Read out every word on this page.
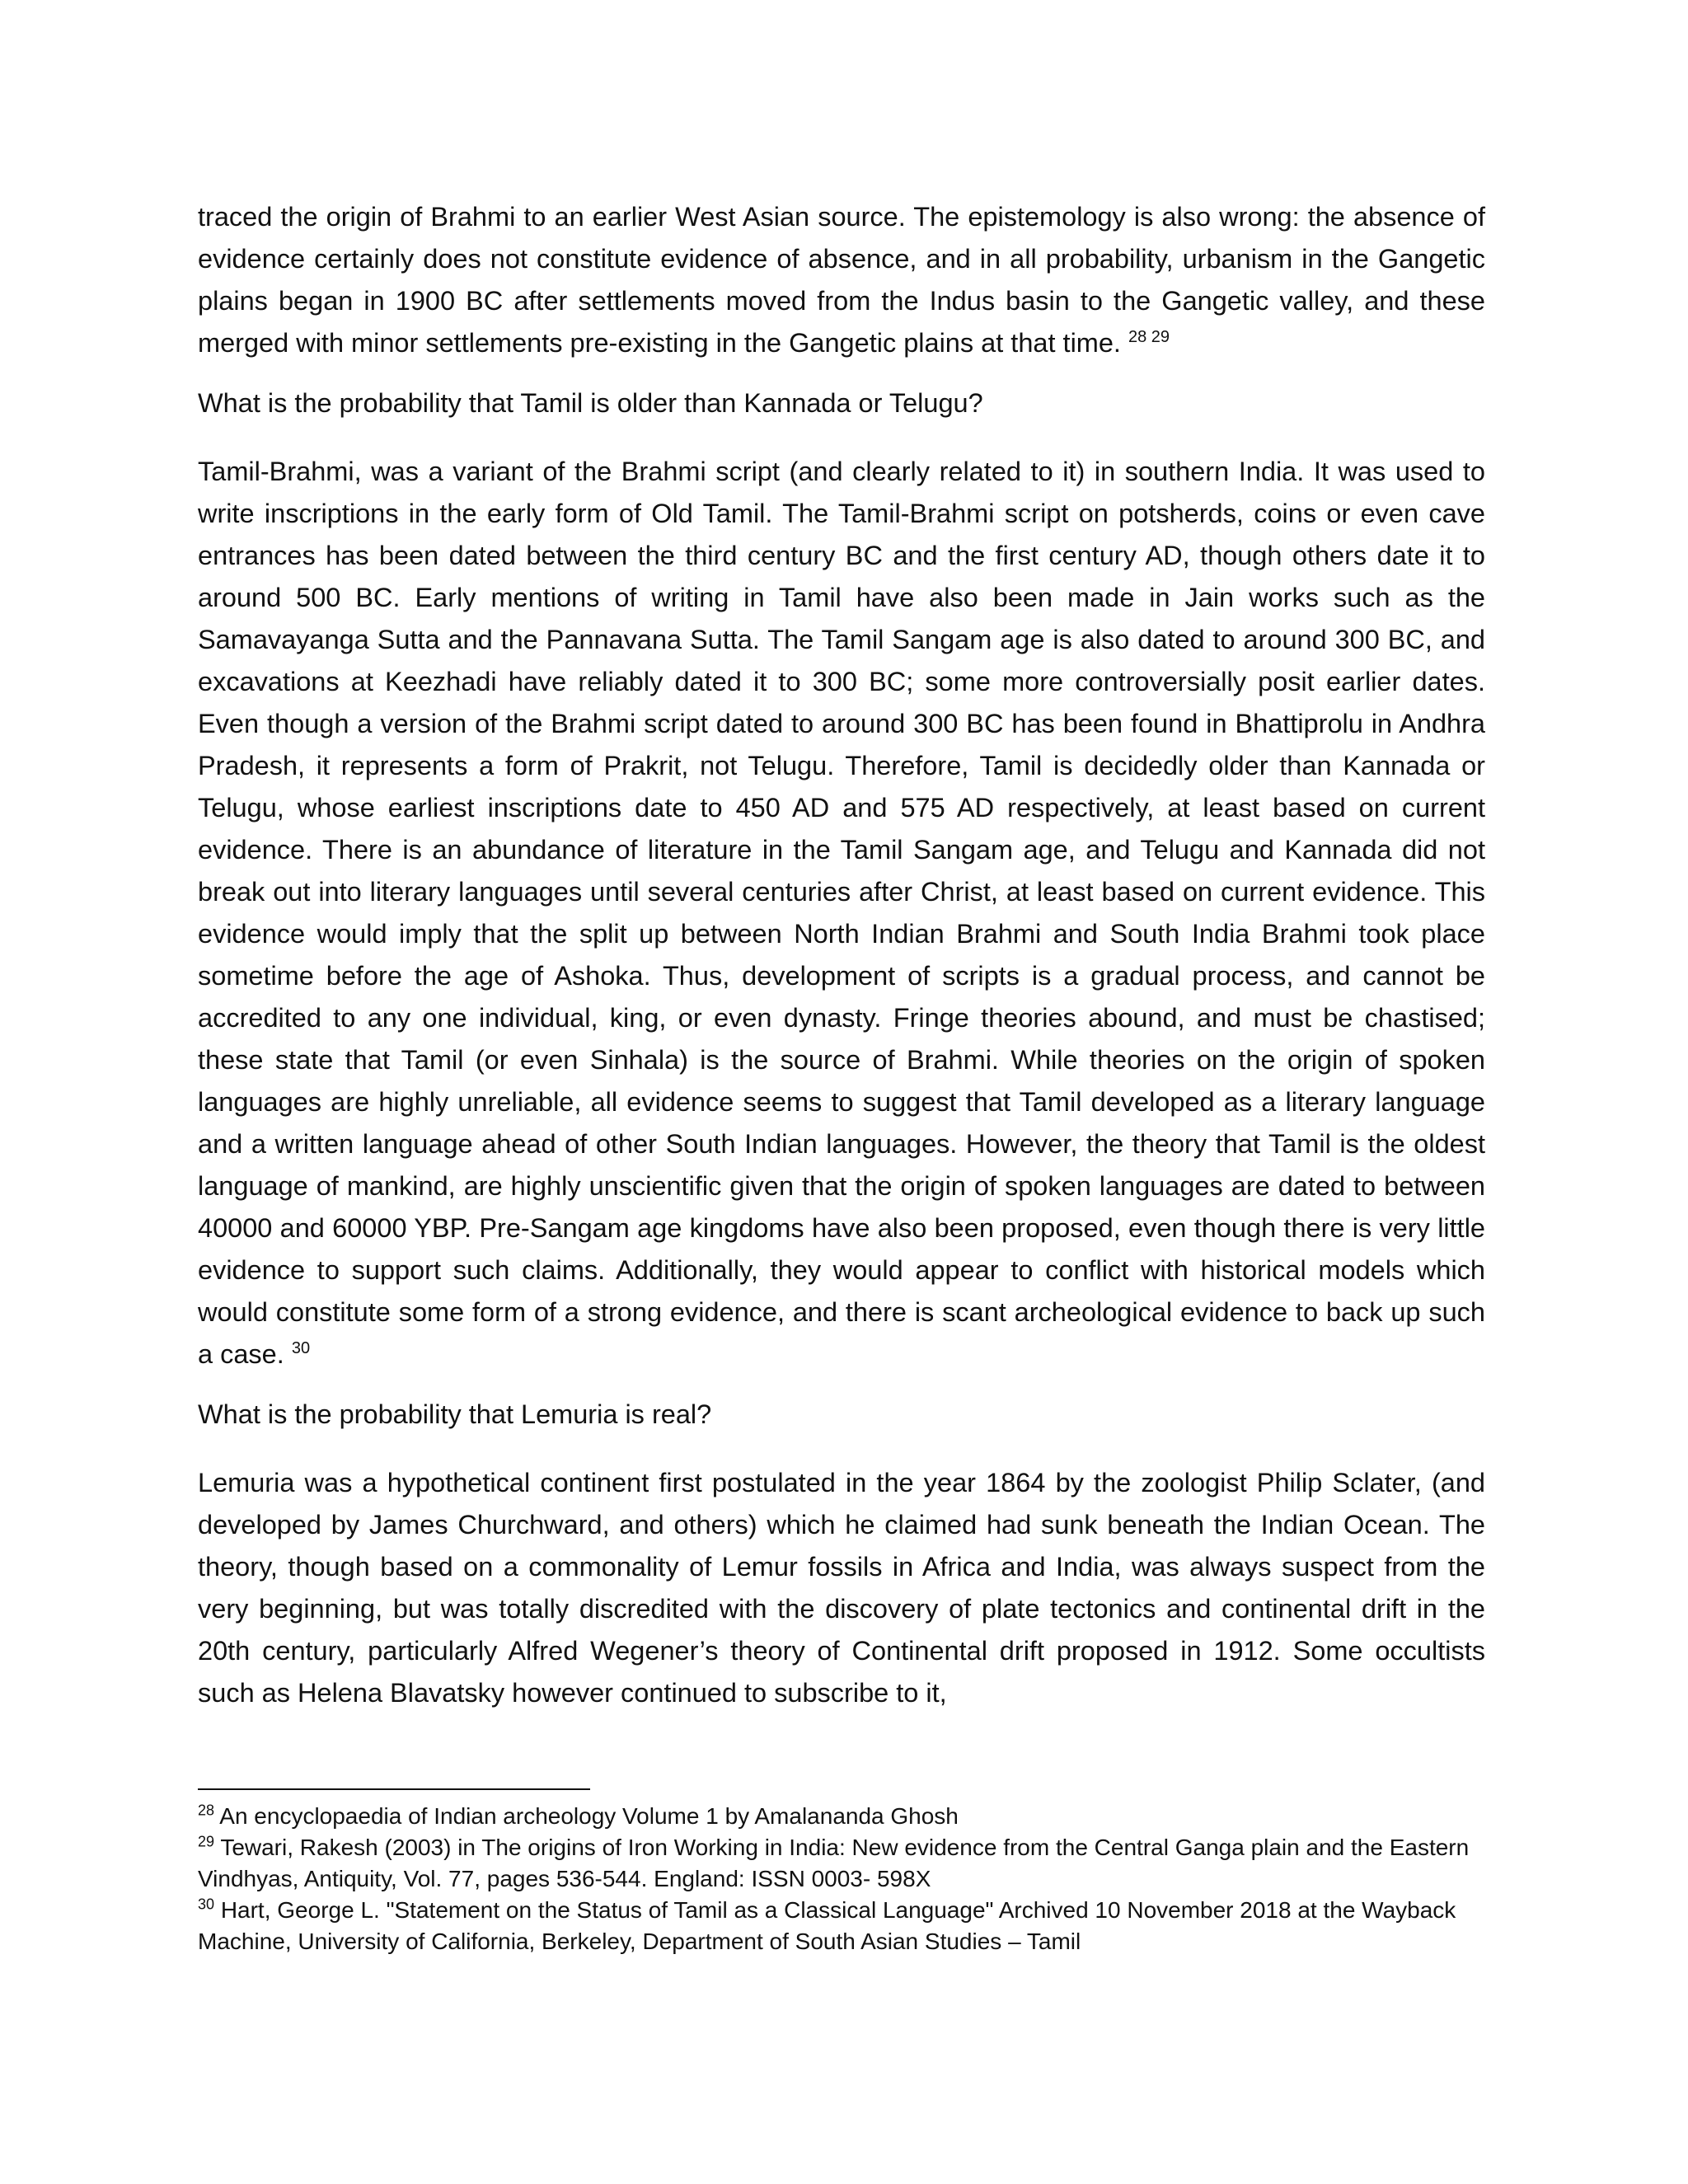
traced the origin of Brahmi to an earlier West Asian source. The epistemology is also wrong: the absence of evidence certainly does not constitute evidence of absence, and in all probability, urbanism in the Gangetic plains began in 1900 BC after settlements moved from the Indus basin to the Gangetic valley, and these merged with minor settlements pre-existing in the Gangetic plains at that time. $^{28 29}$

What is the probability that Tamil is older than Kannada or Telugu?

Tamil-Brahmi, was a variant of the Brahmi script (and clearly related to it) in southern India. It was used to write inscriptions in the early form of Old Tamil. The Tamil-Brahmi script on potsherds, coins or even cave entrances has been dated between the third century BC and the first century AD, though others date it to around 500 BC. Early mentions of writing in Tamil have also been made in Jain works such as the Samavayanga Sutta and the Pannavana Sutta. The Tamil Sangam age is also dated to around 300 BC, and excavations at Keezhadi have reliably dated it to 300 BC; some more controversially posit earlier dates. Even though a version of the Brahmi script dated to around 300 BC has been found in Bhattiprolu in Andhra Pradesh, it represents a form of Prakrit, not Telugu. Therefore, Tamil is decidedly older than Kannada or Telugu, whose earliest inscriptions date to 450 AD and 575 AD respectively, at least based on current evidence. There is an abundance of literature in the Tamil Sangam age, and Telugu and Kannada did not break out into literary languages until several centuries after Christ, at least based on current evidence. This evidence would imply that the split up between North Indian Brahmi and South India Brahmi took place sometime before the age of Ashoka. Thus, development of scripts is a gradual process, and cannot be accredited to any one individual, king, or even dynasty. Fringe theories abound, and must be chastised; these state that Tamil (or even Sinhala) is the source of Brahmi. While theories on the origin of spoken languages are highly unreliable, all evidence seems to suggest that Tamil developed as a literary language and a written language ahead of other South Indian languages. However, the theory that Tamil is the oldest language of mankind, are highly unscientific given that the origin of spoken languages are dated to between 40000 and 60000 YBP. Pre-Sangam age kingdoms have also been proposed, even though there is very little evidence to support such claims. Additionally, they would appear to conflict with historical models which would constitute some form of a strong evidence, and there is scant archeological evidence to back up such a case. $^{30}$

What is the probability that Lemuria is real?

Lemuria was a hypothetical continent first postulated in the year 1864 by the zoologist Philip Sclater, (and developed by James Churchward, and others) which he claimed had sunk beneath the Indian Ocean. The theory, though based on a commonality of Lemur fossils in Africa and India, was always suspect from the very beginning, but was totally discredited with the discovery of plate tectonics and continental drift in the 20th century, particularly Alfred Wegener’s theory of Continental drift proposed in 1912. Some occultists such as Helena Blavatsky however continued to subscribe to it,

$^{28}$ An encyclopaedia of Indian archeology Volume 1 by Amalananda Ghosh

$^{29}$ Tewari, Rakesh (2003) in The origins of Iron Working in India: New evidence from the Central Ganga plain and the Eastern Vindhyas, Antiquity, Vol. 77, pages 536-544. England: ISSN 0003- 598X

$^{30}$ Hart, George L. "Statement on the Status of Tamil as a Classical Language" Archived 10 November 2018 at the Wayback Machine, University of California, Berkeley, Department of South Asian Studies – Tamil
